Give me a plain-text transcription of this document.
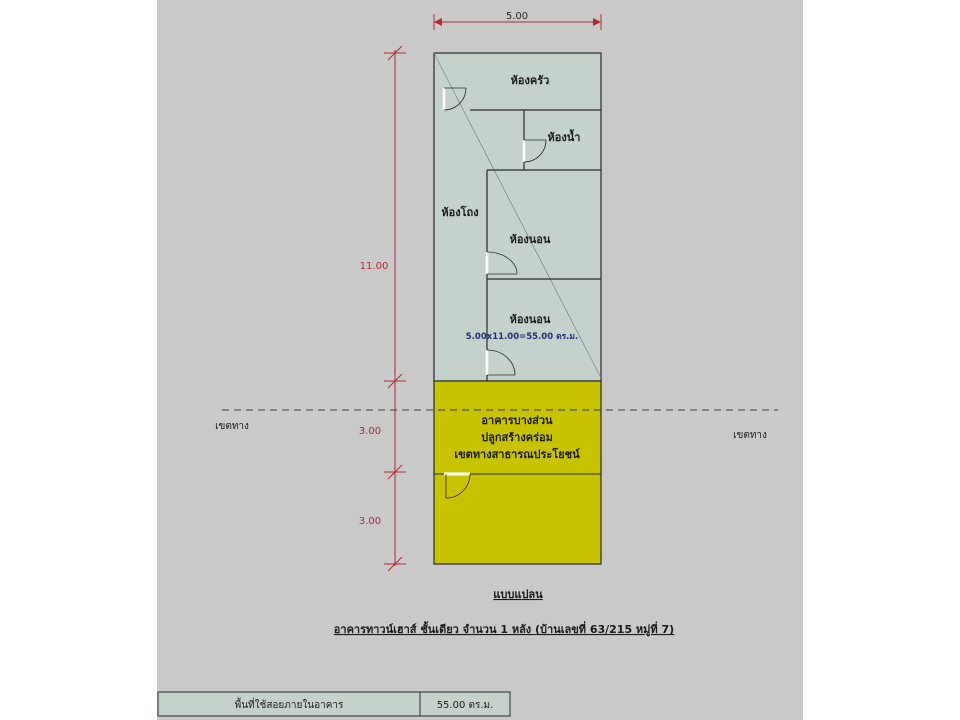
5.00
11.00
3.00
3.00
ห้องครัว
ห้องน้ำ
ห้องโถง
ห้องนอน
ห้องนอน
5.00x11.00=55.00 ตร.ม.
อาคารบางส่วน
ปลูกสร้างคร่อม
เขตทางสาธารณประโยชน์
เขตทาง
เขตทาง
แบบแปลน
อาคารทาวน์เฮาส์ ชั้นเดียว จำนวน 1 หลัง (บ้านเลขที่ 63/215 หมู่ที่ 7)
พื้นที่ใช้สอยภายในอาคาร	55.00 ตร.ม.
